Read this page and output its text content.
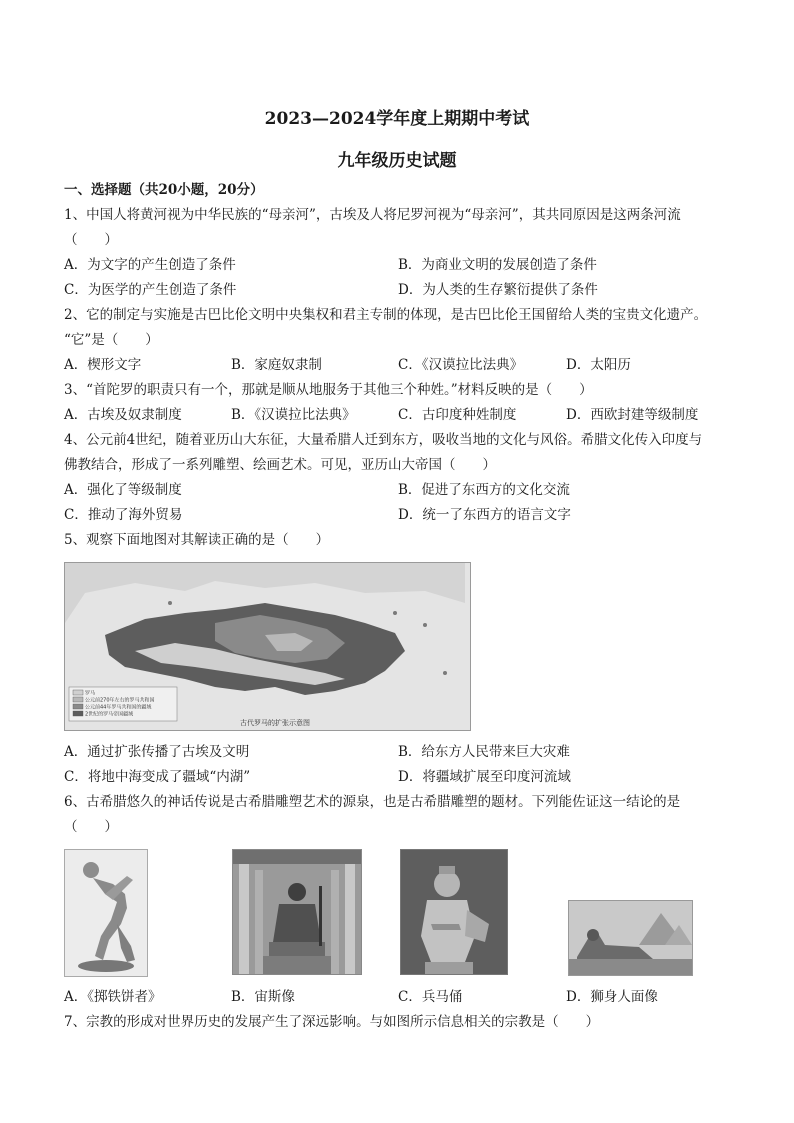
2023—2024学年度上期期中考试
九年级历史试题
一、选择题（共20小题，20分）
1、中国人将黄河视为中华民族的“母亲河”，古埃及人将尼罗河视为“母亲河”，其共同原因是这两条河流
（　　）
A．为文字的产生创造了条件	B．为商业文明的发展创造了条件
C．为医学的产生创造了条件	D．为人类的生存繁衍提供了条件
2、它的制定与实施是古巴比伦文明中央集权和君主专制的体现，是古巴比伦王国留给人类的宝贵文化遗产。
“它”是（　　）
A．楔形文字	B．家庭奴隶制	C．《汉谟拉比法典》	D．太阳历
3、“首陀罗的职责只有一个，那就是顺从地服务于其他三个种姓。”材料反映的是（　　）
A．古埃及奴隶制度	B．《汉谟拉比法典》	C．古印度种姓制度	D．西欧封建等级制度
4、公元前4世纪，随着亚历山大东征，大量希腊人迁到东方，吸收当地的文化与风俗。希腊文化传入印度与
佛教结合，形成了一系列雕塑、绘画艺术。可见，亚历山大帝国（　　）
A．强化了等级制度	B．促进了东西方的文化交流
C．推动了海外贸易	D．统一了东西方的语言文字
5、观察下面地图对其解读正确的是（　　）
罗马
公元前270年左右的罗马共和国
公元前44年罗马共和国的疆域
2世纪的罗马帝国疆域
古代罗马的扩张示意图
A．通过扩张传播了古埃及文明	B．给东方人民带来巨大灾难
C．将地中海变成了疆域“内湖”	D．将疆域扩展至印度河流域
6、古希腊悠久的神话传说是古希腊雕塑艺术的源泉，也是古希腊雕塑的题材。下列能佐证这一结论的是
（　　）
A．《掷铁饼者》	B．宙斯像	C．兵马俑	D．狮身人面像
7、宗教的形成对世界历史的发展产生了深远影响。与如图所示信息相关的宗教是（　　）
